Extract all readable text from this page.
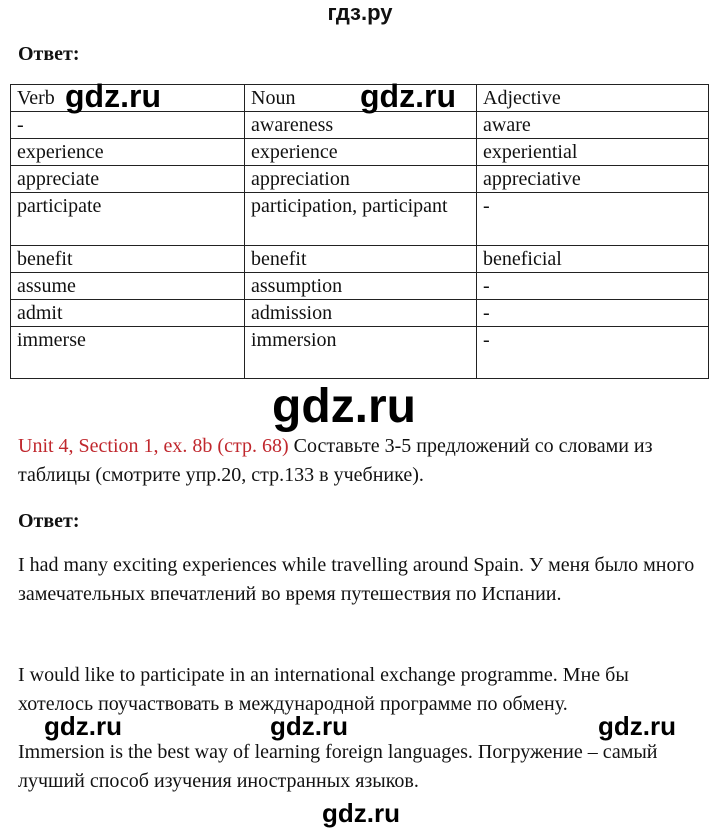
гдз.ру
Ответ:
Verb	Noun	Adjective
-	awareness	aware
experience	experience	experiential
appreciate	appreciation	appreciative
participate	participation, participant	-
benefit	benefit	beneficial
assume	assumption	-
admit	admission	-
immerse	immersion	-
Unit 4, Section 1, ex. 8b (стр. 68) Составьте 3-5 предложений со словами из таблицы (смотрите упр.20, стр.133 в учебнике).
Ответ:
I had many exciting experiences while travelling around Spain. У меня было много замечательных впечатлений во время путешествия по Испании.
I would like to participate in an international exchange programme. Мне бы хотелось поучаствовать в международной программе по обмену.
Immersion is the best way of learning foreign languages. Погружение – самый лучший способ изучения иностранных языков.
gdz.ru	gdz.ru
gdz.ru
gdz.ru	gdz.ru	gdz.ru
gdz.ru
